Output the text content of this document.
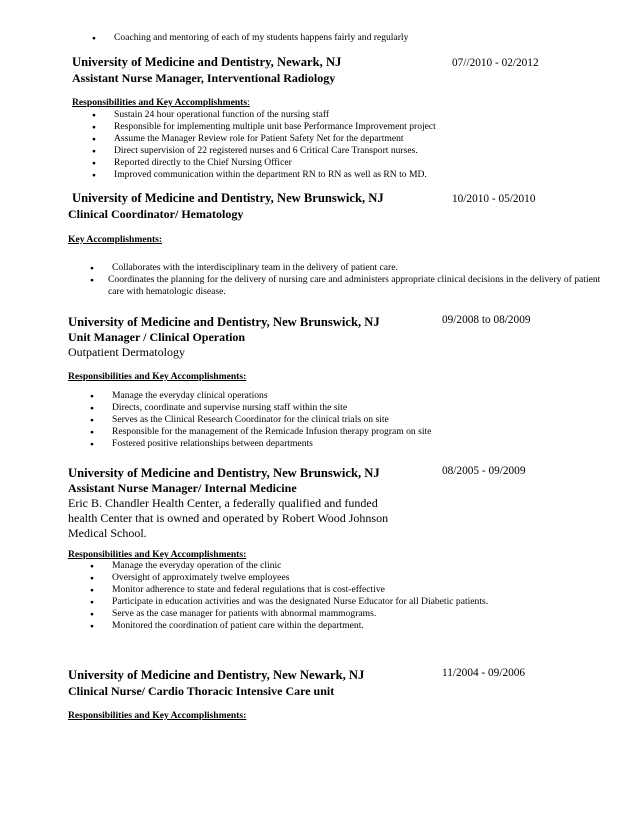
● Coaching and mentoring of each of my students happens fairly and regularly
University of Medicine and Dentistry, Newark, NJ	07//2010 - 02/2012
Assistant Nurse Manager, Interventional Radiology
Responsibilities and Key Accomplishments:
● Sustain 24 hour operational function of the nursing staff
● Responsible for implementing multiple unit base Performance Improvement project
● Assume the Manager Review role for Patient Safety Net for the department
● Direct supervision of 22 registered nurses and 6 Critical Care Transport nurses.
● Reported directly to the Chief Nursing Officer
● Improved communication within the department RN to RN as well as RN to MD.
University of Medicine and Dentistry, New Brunswick, NJ	10/2010 - 05/2010
Clinical Coordinator/ Hematology
Key Accomplishments:
● Collaborates with the interdisciplinary team in the delivery of patient care.
● Coordinates the planning for the delivery of nursing care and administers appropriate clinical decisions in the delivery of patient care with hematologic disease.
University of Medicine and Dentistry, New Brunswick, NJ	09/2008 to 08/2009
Unit Manager / Clinical Operation
Outpatient Dermatology
Responsibilities and Key Accomplishments:
● Manage the everyday clinical operations
● Directs, coordinate and supervise nursing staff within the site
● Serves as the Clinical Research Coordinator for the clinical trials on site
● Responsible for the management of the Remicade Infusion therapy program on site
● Fostered positive relationships between departments
University of Medicine and Dentistry, New Brunswick, NJ	08/2005 - 09/2009
Assistant Nurse Manager/ Internal Medicine
Eric B. Chandler Health Center, a federally qualified and funded
health Center that is owned and operated by Robert Wood Johnson
Medical School.
Responsibilities and Key Accomplishments:
● Manage the everyday operation of the clinic
● Oversight of approximately twelve employees
● Monitor adherence to state and federal regulations that is cost-effective
● Participate in education activities and was the designated Nurse Educator for all Diabetic patients.
● Serve as the case manager for patients with abnormal mammograms.
● Monitored the coordination of patient care within the department.
University of Medicine and Dentistry, New Newark, NJ	11/2004 - 09/2006
Clinical Nurse/ Cardio Thoracic Intensive Care unit
Responsibilities and Key Accomplishments:
